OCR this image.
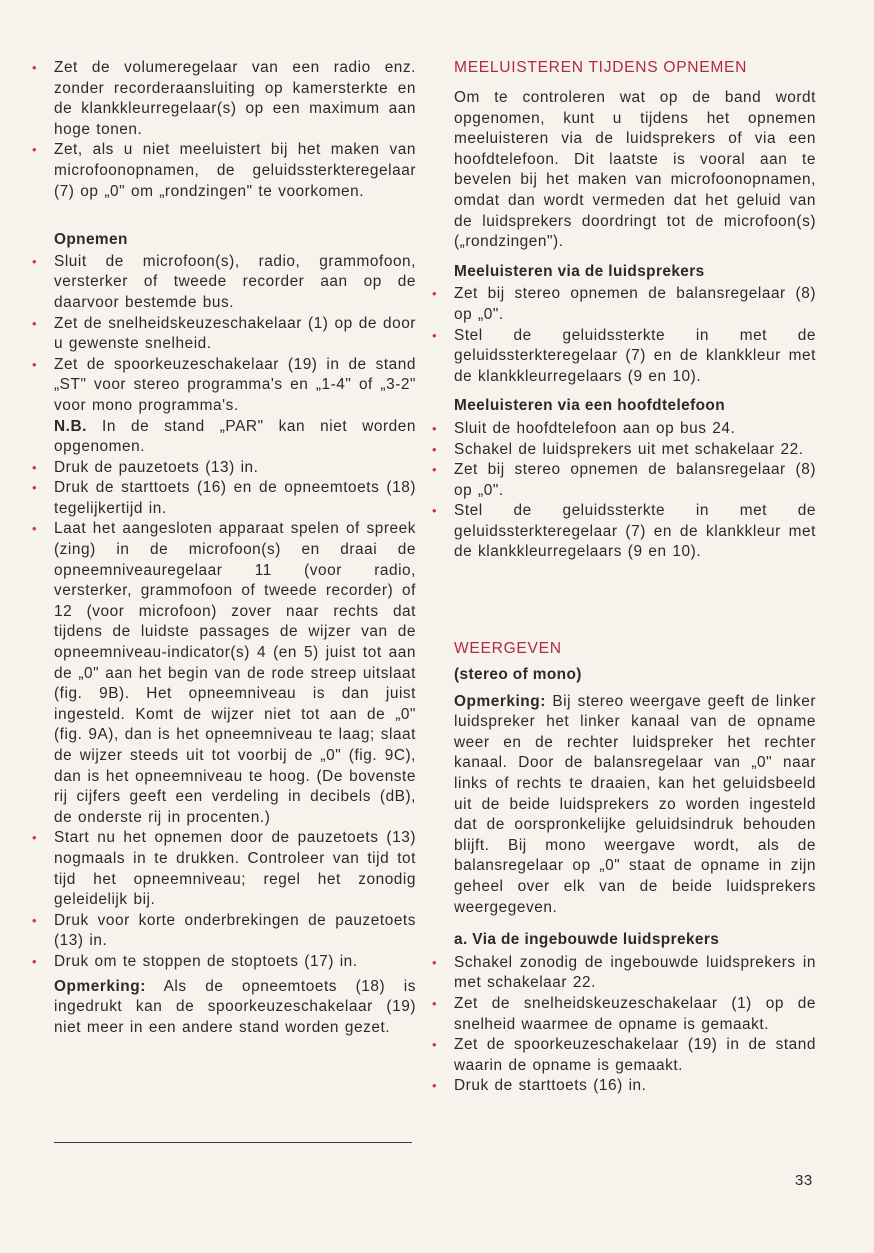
• Zet de volumeregelaar van een radio enz. zonder recorderaansluiting op kamersterkte en de klankkleurregelaar(s) op een maximum aan hoge tonen.
• Zet, als u niet meeluistert bij het maken van microfoonopnamen, de geluidssterkteregelaar (7) op „0" om „rondzingen" te voorkomen.
Opnemen
• Sluit de microfoon(s), radio, grammofoon, versterker of tweede recorder aan op de daarvoor bestemde bus.
• Zet de snelheidskeuzeschakelaar (1) op de door u gewenste snelheid.
• Zet de spoorkeuzeschakelaar (19) in de stand „ST" voor stereo programma's en „1-4" of „3-2" voor mono programma's.
N.B. In de stand „PAR" kan niet worden opgenomen.
• Druk de pauzetoets (13) in.
• Druk de starttoets (16) en de opneemtoets (18) tegelijkertijd in.
• Laat het aangesloten apparaat spelen of spreek (zing) in de microfoon(s) en draai de opneemniveauregelaar 11 (voor radio, versterker, grammofoon of tweede recorder) of 12 (voor microfoon) zover naar rechts dat tijdens de luidste passages de wijzer van de opneemniveau-indicator(s) 4 (en 5) juist tot aan de „0" aan het begin van de rode streep uitslaat (fig. 9B). Het opneemniveau is dan juist ingesteld. Komt de wijzer niet tot aan de „0" (fig. 9A), dan is het opneemniveau te laag; slaat de wijzer steeds uit tot voorbij de „0" (fig. 9C), dan is het opneemniveau te hoog. (De bovenste rij cijfers geeft een verdeling in decibels (dB), de onderste rij in procenten.)
• Start nu het opnemen door de pauzetoets (13) nogmaals in te drukken. Controleer van tijd tot tijd het opneemniveau; regel het zonodig geleidelijk bij.
• Druk voor korte onderbrekingen de pauzetoets (13) in.
• Druk om te stoppen de stoptoets (17) in.

Opmerking: Als de opneemtoets (18) is ingedrukt kan de spoorkeuzeschakelaar (19) niet meer in een andere stand worden gezet.

MEELUISTEREN TIJDENS OPNEMEN

Om te controleren wat op de band wordt opgenomen, kunt u tijdens het opnemen meeluisteren via de luidsprekers of via een hoofdtelefoon. Dit laatste is vooral aan te bevelen bij het maken van microfoonopnamen, omdat dan wordt vermeden dat het geluid van de luidsprekers doordringt tot de microfoon(s) („rondzingen").

Meeluisteren via de luidsprekers
• Zet bij stereo opnemen de balansregelaar (8) op „0".
• Stel de geluidssterkte in met de geluidssterkteregelaar (7) en de klankkleur met de klankkleurregelaars (9 en 10).
Meeluisteren via een hoofdtelefoon
• Sluit de hoofdtelefoon aan op bus 24.
• Schakel de luidsprekers uit met schakelaar 22.
• Zet bij stereo opnemen de balansregelaar (8) op „0".
• Stel de geluidssterkte in met de geluidssterkteregelaar (7) en de klankkleur met de klankkleurregelaars (9 en 10).
WEERGEVEN
(stereo of mono)

Opmerking: Bij stereo weergave geeft de linker luidspreker het linker kanaal van de opname weer en de rechter luidspreker het rechter kanaal. Door de balansregelaar van „0" naar links of rechts te draaien, kan het geluidsbeeld uit de beide luidsprekers zo worden ingesteld dat de oorspronkelijke geluidsindruk behouden blijft. Bij mono weergave wordt, als de balansregelaar op „0" staat de opname in zijn geheel over elk van de beide luidsprekers weergegeven.

a. Via de ingebouwde luidsprekers
• Schakel zonodig de ingebouwde luidsprekers in met schakelaar 22.
• Zet de snelheidskeuzeschakelaar (1) op de snelheid waarmee de opname is gemaakt.
• Zet de spoorkeuzeschakelaar (19) in de stand waarin de opname is gemaakt.
• Druk de starttoets (16) in.
33
